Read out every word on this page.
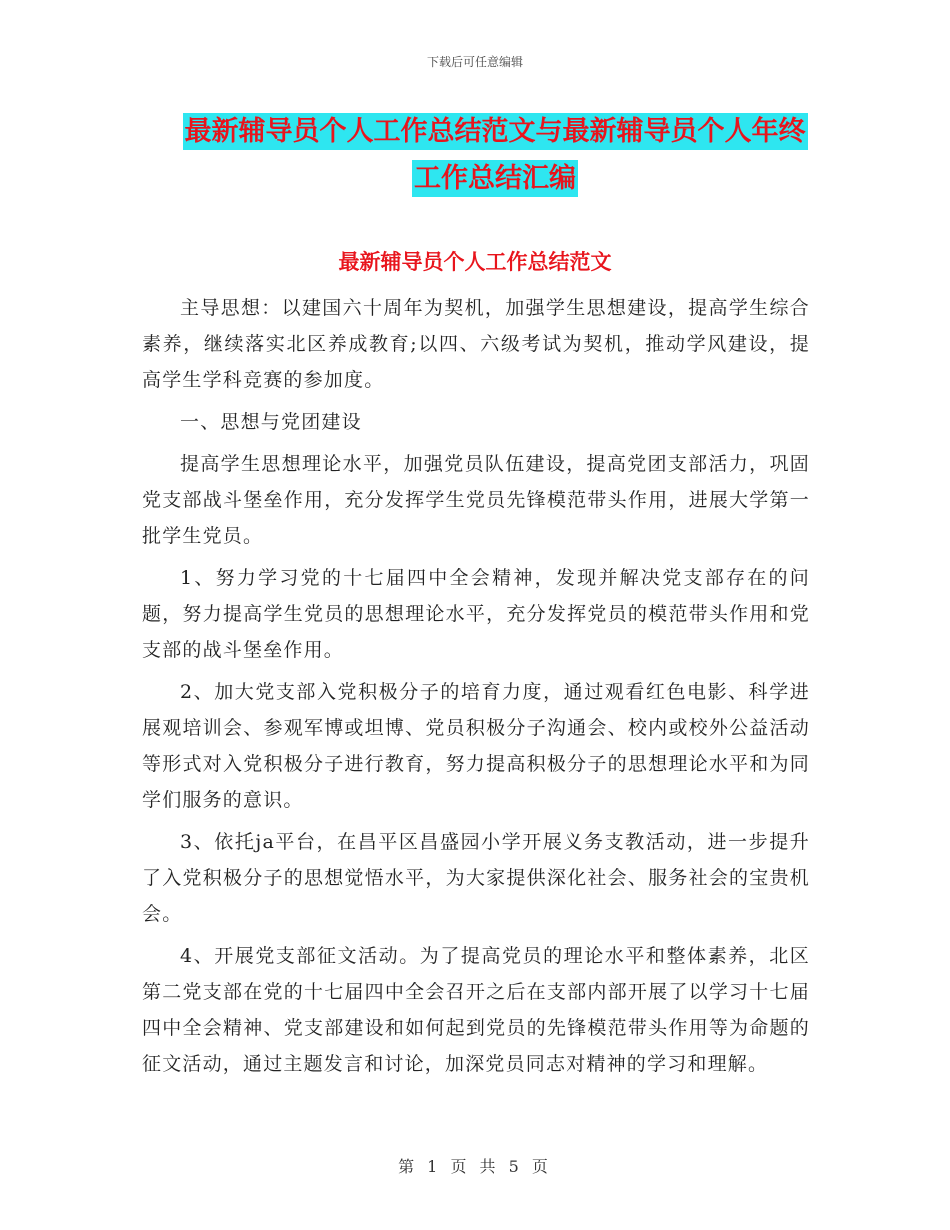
下载后可任意编辑
最新辅导员个人工作总结范文与最新辅导员个人年终
工作总结汇编
最新辅导员个人工作总结范文

主导思想：以建国六十周年为契机，加强学生思想建设，提高学生综合素养，继续落实北区养成教育;以四、六级考试为契机，推动学风建设，提高学生学科竞赛的参加度。

一、思想与党团建设

提高学生思想理论水平，加强党员队伍建设，提高党团支部活力，巩固党支部战斗堡垒作用，充分发挥学生党员先锋模范带头作用，进展大学第一批学生党员。

1、努力学习党的十七届四中全会精神，发现并解决党支部存在的问题，努力提高学生党员的思想理论水平，充分发挥党员的模范带头作用和党支部的战斗堡垒作用。

2、加大党支部入党积极分子的培育力度，通过观看红色电影、科学进展观培训会、参观军博或坦博、党员积极分子沟通会、校内或校外公益活动等形式对入党积极分子进行教育，努力提高积极分子的思想理论水平和为同学们服务的意识。

3、依托ja平台，在昌平区昌盛园小学开展义务支教活动，进一步提升了入党积极分子的思想觉悟水平，为大家提供深化社会、服务社会的宝贵机会。

4、开展党支部征文活动。为了提高党员的理论水平和整体素养，北区第二党支部在党的十七届四中全会召开之后在支部内部开展了以学习十七届四中全会精神、党支部建设和如何起到党员的先锋模范带头作用等为命题的征文活动，通过主题发言和讨论，加深党员同志对精神的学习和理解。

第 1 页 共 5 页
